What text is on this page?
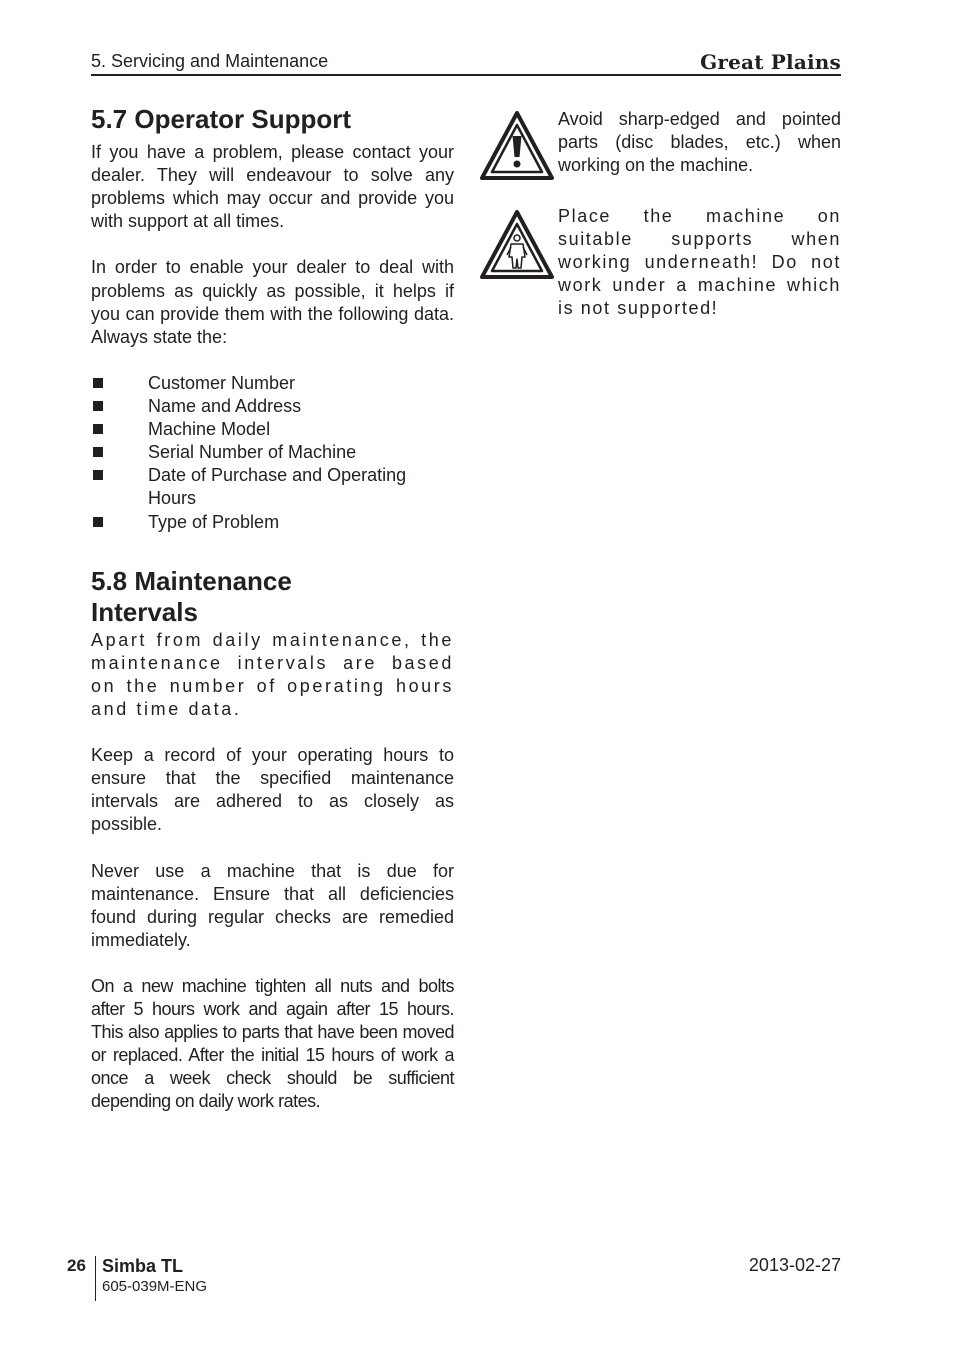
5. Servicing and Maintenance	Great Plains
5.7 Operator Support

If you have a problem, please contact your dealer. They will endeavour to solve any problems which may occur and provide you with support at all times.

In order to enable your dealer to deal with problems as quickly as possible, it helps if you can provide them with the following data. Always state the:

Customer Number
Name and Address
Machine Model
Serial Number of Machine
Date of Purchase and Operating Hours
Type of Problem
5.8 Maintenance
Intervals

Apart from daily maintenance, the maintenance intervals are based on the number of operating hours and time data.

Keep a record of your operating hours to ensure that the specified maintenance intervals are adhered to as closely as possible.

Never use a machine that is due for maintenance. Ensure that all deficiencies found during regular checks are remedied immediately.

On a new machine tighten all nuts and bolts after 5 hours work and again after 15 hours. This also applies to parts that have been moved or replaced. After the initial 15 hours of work a once a week check should be sufficient depending on daily work rates.

Avoid sharp-edged and pointed parts (disc blades, etc.) when working on the machine.

Place the machine on suitable supports when working underneath! Do not work under a machine which is not supported!

26 Simba TL
605-039M-ENG
2013-02-27
